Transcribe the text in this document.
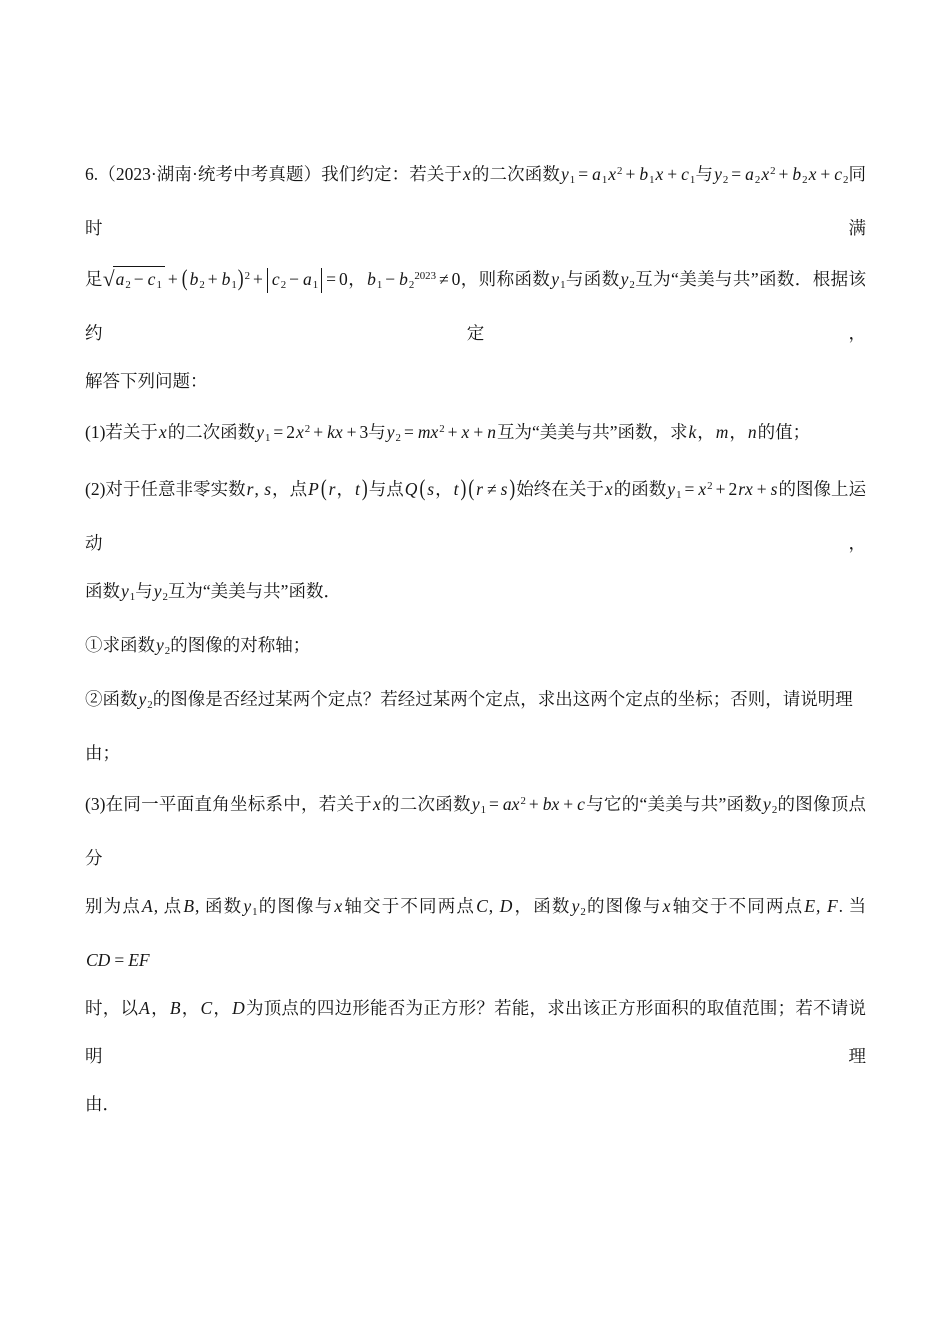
6.（2023·湖南·统考中考真题）我们约定：若关于x的二次函数$y1 = a1x^2 + b1x + c1$与$y2 = a2x^2 + b2x + c2$同时满
足√a2 − c1 + ( b2 + b1)$^2$ + c2 − a1 = 0，$b1 - b2^{2023} \ne 0$，则称函数y1与函数y2互为“美美与共”函数．根据该约定，
解答下列问题：
(1)若关于x的二次函数$y1 = 2x^2$ + kx + 3与$y2 = mx^2 + x + n$互为“美美与共”函数，求k，m，n的值；
(2)对于任意非零实数r, s，点P ( r，t )与点Q ( s，t ) ( r ≠ s )始终在关于x的函数$y1 = x^2 + 2rx + s$的图像上运动，
函数y1与y2互为“美美与共”函数．
①求函数y2的图像的对称轴；
②函数y2的图像是否经过某两个定点？若经过某两个定点，求出这两个定点的坐标；否则，请说明理由；
(3)在同一平面直角坐标系中，若关于x的二次函数$y1 = ax^2$ + bx + c与它的“美美与共”函数y2的图像顶点分
别为点A, 点B, 函数y1的图像与x轴交于不同两点C, D，函数y2的图像与x轴交于不同两点E, F. 当CD = EF
时，以A，B，C，D为顶点的四边形能否为正方形？若能，求出该正方形面积的取值范围；若不请说明理
由．
